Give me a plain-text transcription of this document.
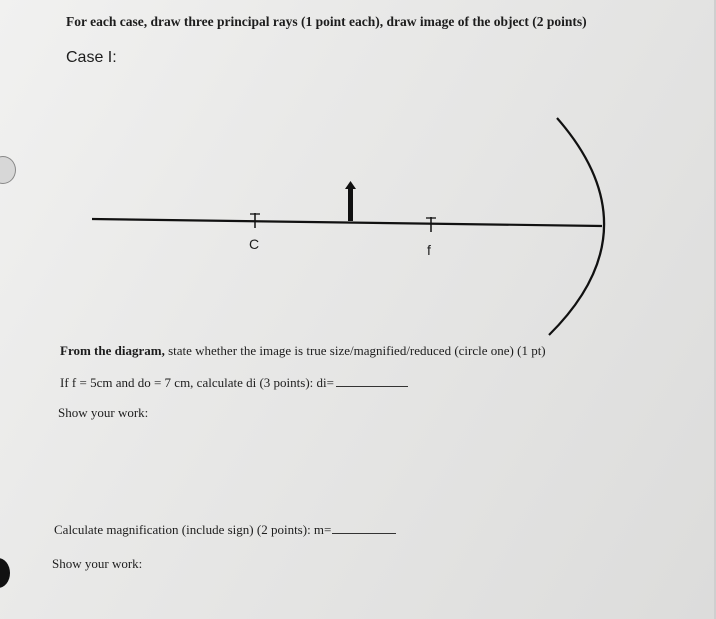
For each case, draw three principal rays (1 point each), draw image of the object (2 points)
Case I:
C	f
From the diagram, state whether the image is true size/magnified/reduced (circle one) (1 pt)
If f = 5cm and do = 7 cm, calculate di (3 points): di=
Show your work:
Calculate magnification (include sign) (2 points): m=
Show your work:
